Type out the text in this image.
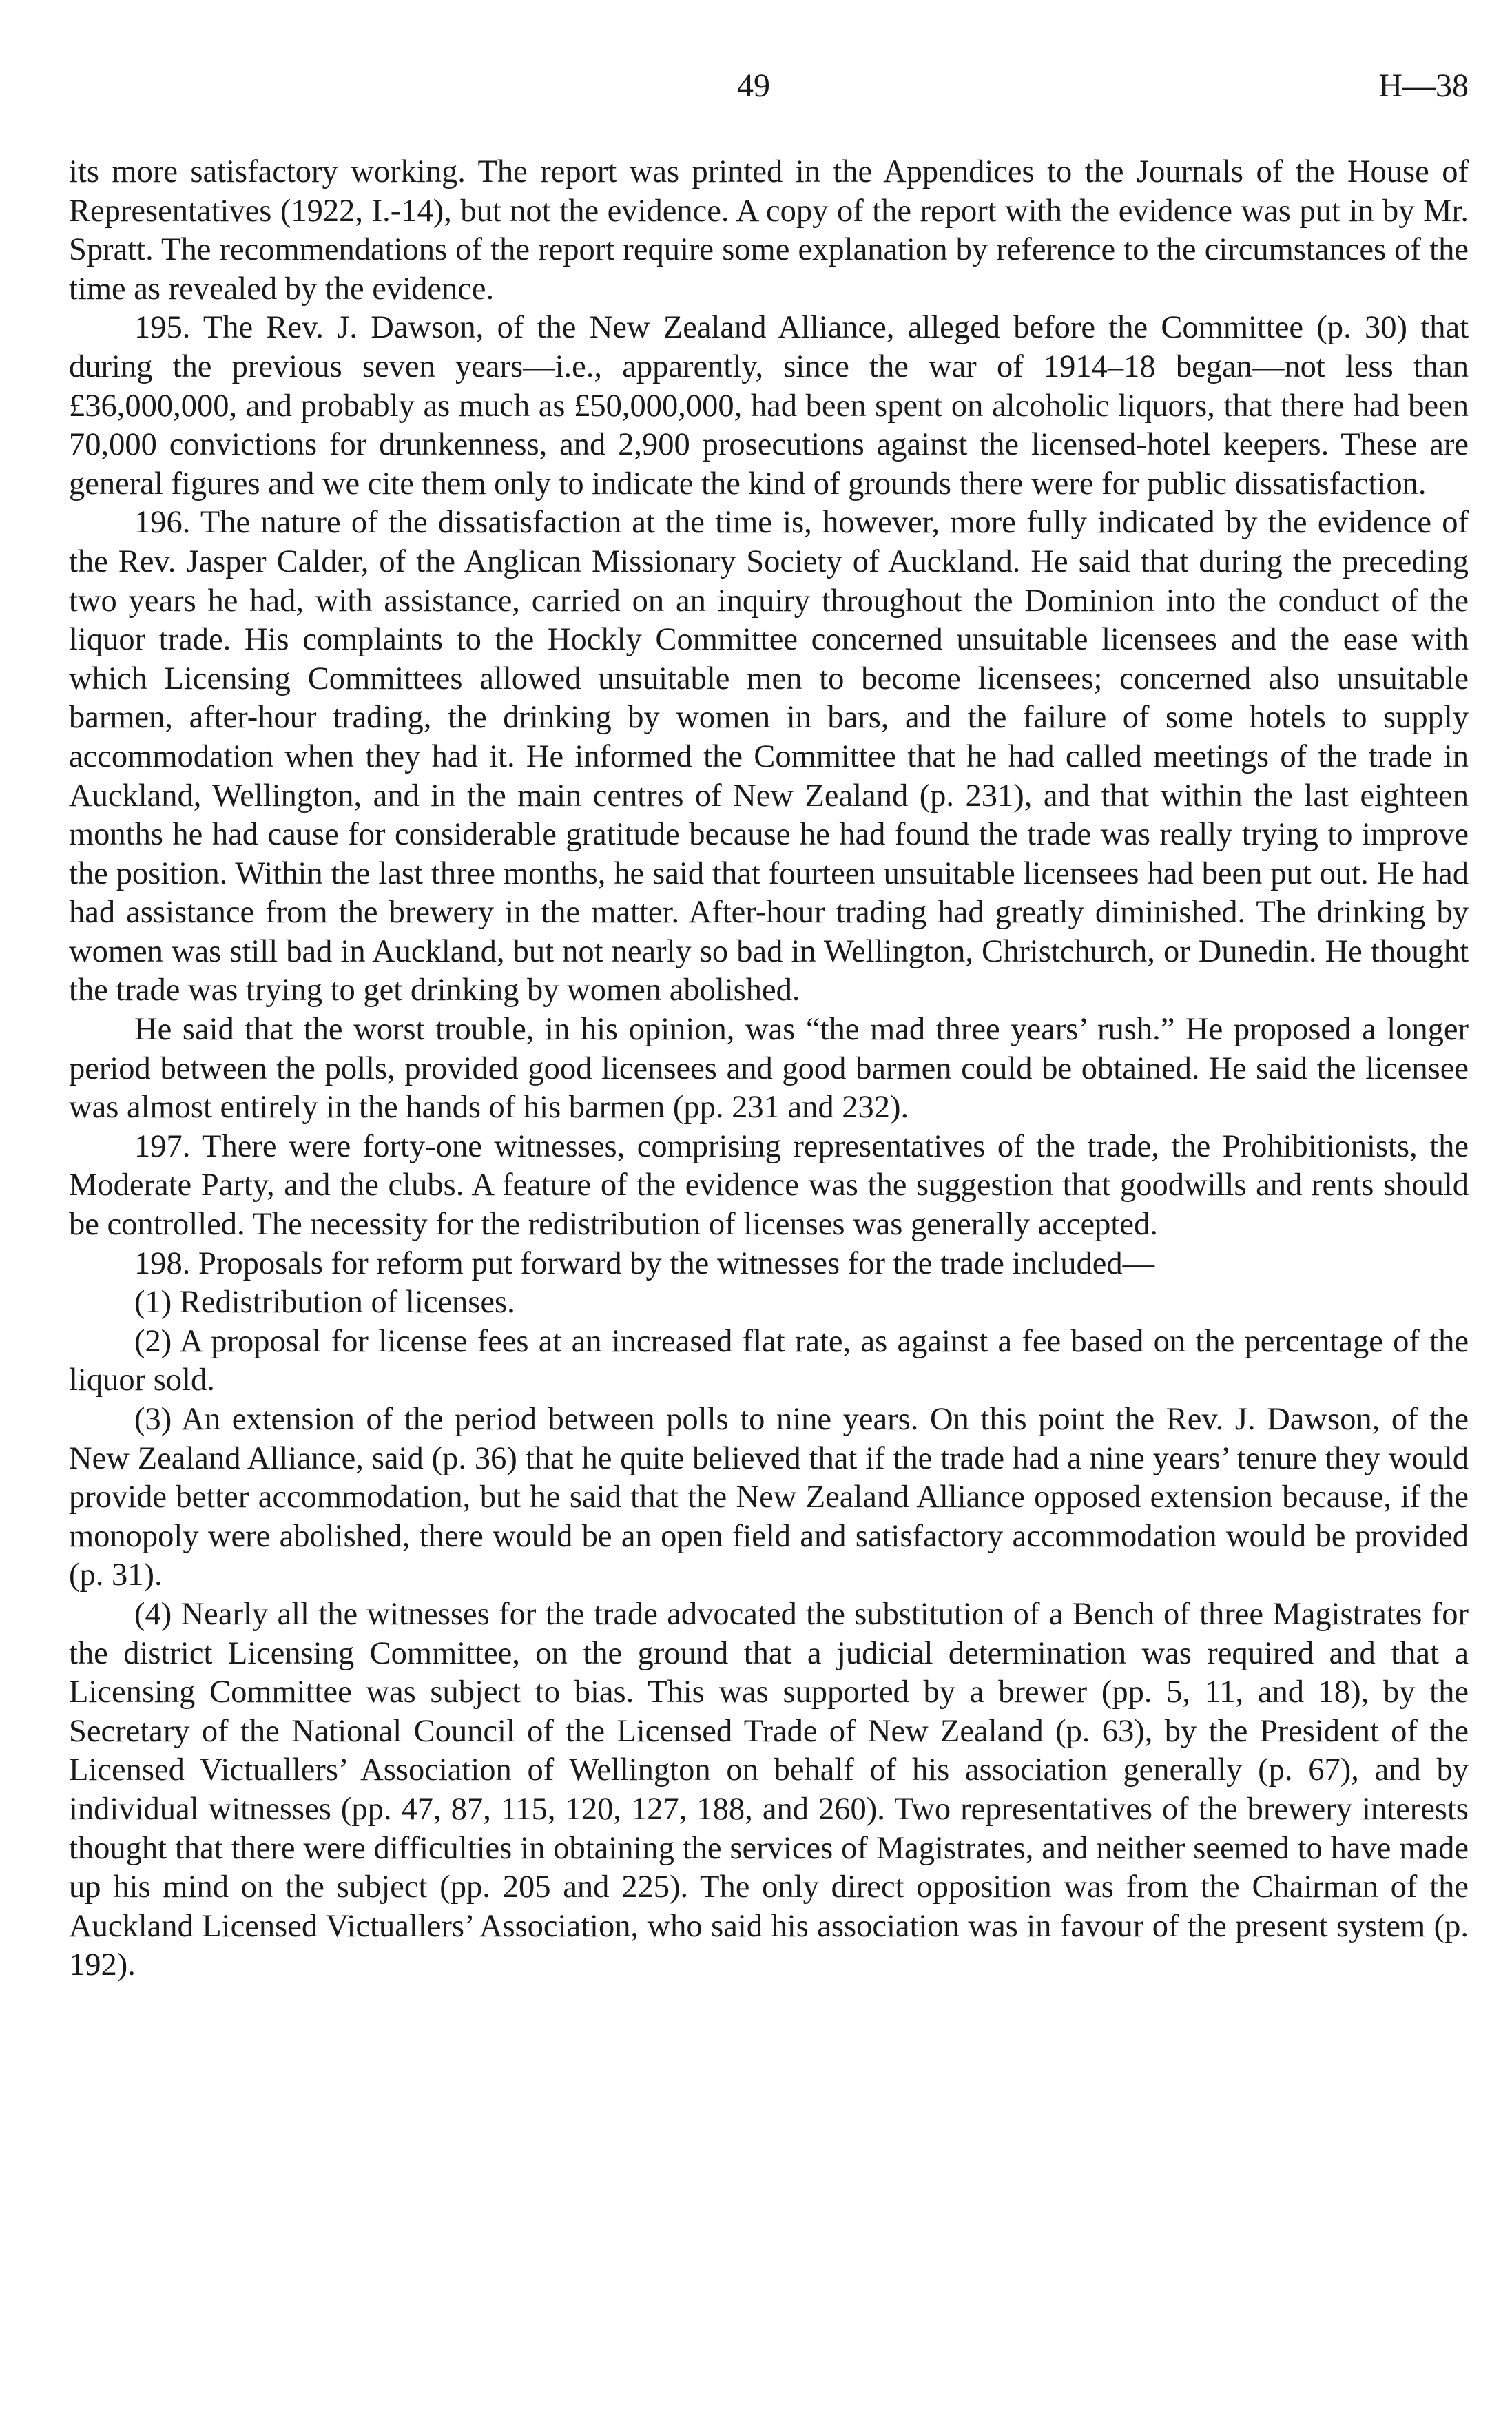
49	H—38

its more satisfactory working. The report was printed in the Appendices to the Journals of the House of Representatives (1922, I.-14), but not the evidence. A copy of the report with the evidence was put in by Mr. Spratt. The recommendations of the report require some explanation by reference to the circumstances of the time as revealed by the evidence.

195. The Rev. J. Dawson, of the New Zealand Alliance, alleged before the Committee (p. 30) that during the previous seven years—i.e., apparently, since the war of 1914–18 began—not less than £36,000,000, and probably as much as £50,000,000, had been spent on alcoholic liquors, that there had been 70,000 convictions for drunkenness, and 2,900 prosecutions against the licensed-hotel keepers. These are general figures and we cite them only to indicate the kind of grounds there were for public dissatisfaction.

196. The nature of the dissatisfaction at the time is, however, more fully indicated by the evidence of the Rev. Jasper Calder, of the Anglican Missionary Society of Auckland. He said that during the preceding two years he had, with assistance, carried on an inquiry throughout the Dominion into the conduct of the liquor trade. His complaints to the Hockly Committee concerned unsuitable licensees and the ease with which Licensing Committees allowed unsuitable men to become licensees; concerned also unsuitable barmen, after-hour trading, the drinking by women in bars, and the failure of some hotels to supply accommodation when they had it. He informed the Committee that he had called meetings of the trade in Auckland, Wellington, and in the main centres of New Zealand (p. 231), and that within the last eighteen months he had cause for considerable gratitude because he had found the trade was really trying to improve the position. Within the last three months, he said that fourteen unsuitable licensees had been put out. He had had assistance from the brewery in the matter. After-hour trading had greatly diminished. The drinking by women was still bad in Auckland, but not nearly so bad in Wellington, Christchurch, or Dunedin. He thought the trade was trying to get drinking by women abolished.

He said that the worst trouble, in his opinion, was “the mad three years’ rush.” He proposed a longer period between the polls, provided good licensees and good barmen could be obtained. He said the licensee was almost entirely in the hands of his barmen (pp. 231 and 232).

197. There were forty-one witnesses, comprising representatives of the trade, the Prohibitionists, the Moderate Party, and the clubs. A feature of the evidence was the suggestion that goodwills and rents should be controlled. The necessity for the redistribution of licenses was generally accepted.

198. Proposals for reform put forward by the witnesses for the trade included—

(1) Redistribution of licenses.

(2) A proposal for license fees at an increased flat rate, as against a fee based on the percentage of the liquor sold.

(3) An extension of the period between polls to nine years. On this point the Rev. J. Dawson, of the New Zealand Alliance, said (p. 36) that he quite believed that if the trade had a nine years’ tenure they would provide better accommodation, but he said that the New Zealand Alliance opposed extension because, if the monopoly were abolished, there would be an open field and satisfactory accommodation would be provided (p. 31).

(4) Nearly all the witnesses for the trade advocated the substitution of a Bench of three Magistrates for the district Licensing Committee, on the ground that a judicial determination was required and that a Licensing Committee was subject to bias. This was supported by a brewer (pp. 5, 11, and 18), by the Secretary of the National Council of the Licensed Trade of New Zealand (p. 63), by the President of the Licensed Victuallers’ Association of Wellington on behalf of his association generally (p. 67), and by individual witnesses (pp. 47, 87, 115, 120, 127, 188, and 260). Two representatives of the brewery interests thought that there were difficulties in obtaining the services of Magistrates, and neither seemed to have made up his mind on the subject (pp. 205 and 225). The only direct opposition was from the Chairman of the Auckland Licensed Victuallers’ Association, who said his association was in favour of the present system (p. 192).
